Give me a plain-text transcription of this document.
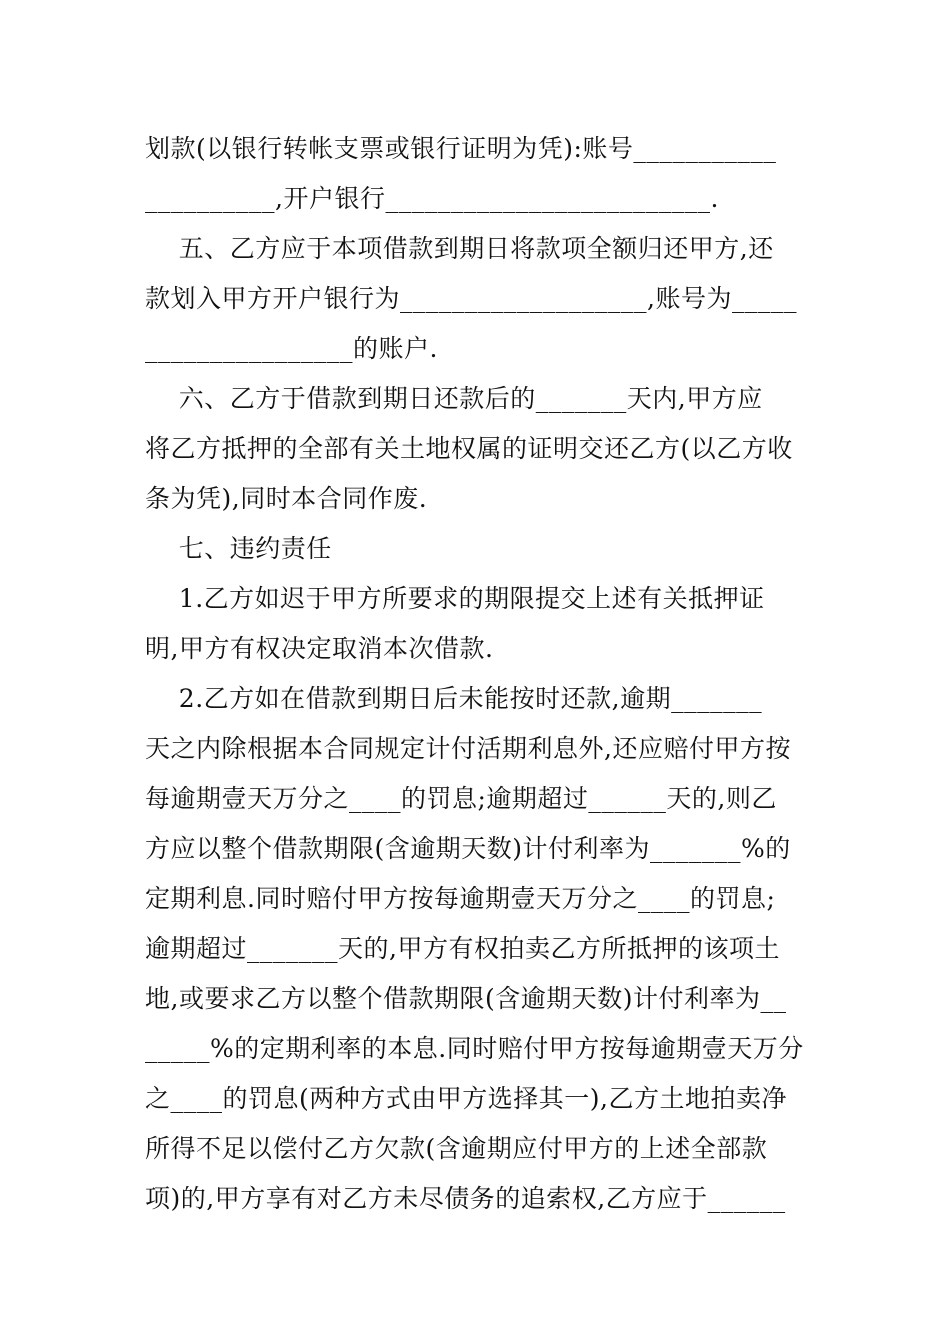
划款(以银行转帐支票或银行证明为凭):账号___________
__________,开户银行_________________________.
五、乙方应于本项借款到期日将款项全额归还甲方,还
款划入甲方开户银行为___________________,账号为_____
________________的账户.
六、乙方于借款到期日还款后的_______天内,甲方应
将乙方抵押的全部有关土地权属的证明交还乙方(以乙方收
条为凭),同时本合同作废.
七、违约责任
1.乙方如迟于甲方所要求的期限提交上述有关抵押证
明,甲方有权决定取消本次借款.
2.乙方如在借款到期日后未能按时还款,逾期_______
天之内除根据本合同规定计付活期利息外,还应赔付甲方按
每逾期壹天万分之____的罚息;逾期超过______天的,则乙
方应以整个借款期限(含逾期天数)计付利率为_______%的
定期利息.同时赔付甲方按每逾期壹天万分之____的罚息;
逾期超过_______天的,甲方有权拍卖乙方所抵押的该项土
地,或要求乙方以整个借款期限(含逾期天数)计付利率为__
_____%的定期利率的本息.同时赔付甲方按每逾期壹天万分
之____的罚息(两种方式由甲方选择其一),乙方土地拍卖净
所得不足以偿付乙方欠款(含逾期应付甲方的上述全部款
项)的,甲方享有对乙方未尽债务的追索权,乙方应于______
